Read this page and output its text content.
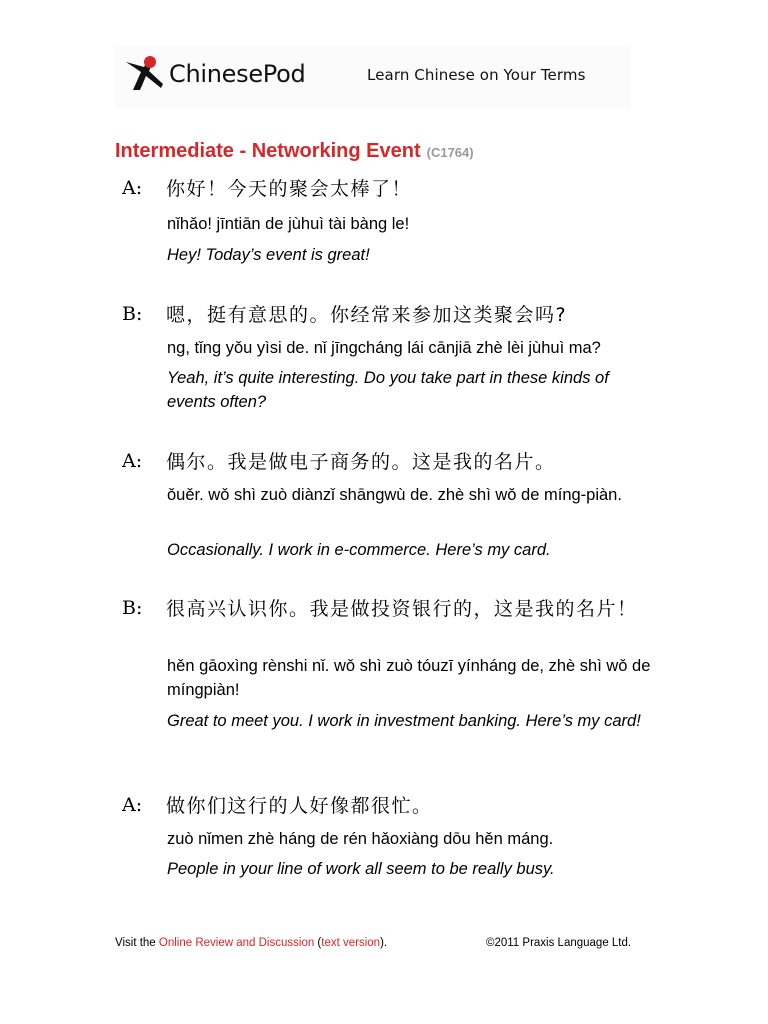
ChinesePod	Learn Chinese on Your Terms
Intermediate - Networking Event (C1764)
A: 你好！今天的聚会太棒了！
nǐhǎo! jīntiān de jùhuì tài bàng le!
Hey! Today’s event is great!
B: 嗯，挺有意思的。你经常来参加这类聚会吗?
ng, tǐng yǒu yìsi de. nǐ jīngcháng lái cānjiā zhè lèi jùhuì ma?
Yeah, it’s quite interesting. Do you take part in these kinds of events often?
A: 偶尔。我是做电子商务的。这是我的名片。
ǒuěr. wǒ shì zuò diànzǐ shāngwù de. zhè shì wǒ de míng-piàn.
Occasionally. I work in e-commerce. Here’s my card.
B: 很高兴认识你。我是做投资银行的，这是我的名片！
hěn gāoxìng rènshi nǐ. wǒ shì zuò tóuzī yínháng de, zhè shì wǒ de míngpiàn!
Great to meet you. I work in investment banking. Here’s my card!
A: 做你们这行的人好像都很忙。
zuò nǐmen zhè háng de rén hǎoxiàng dōu hěn máng.
People in your line of work all seem to be really busy.
Visit the Online Review and Discussion (text version).	©2011 Praxis Language Ltd.
